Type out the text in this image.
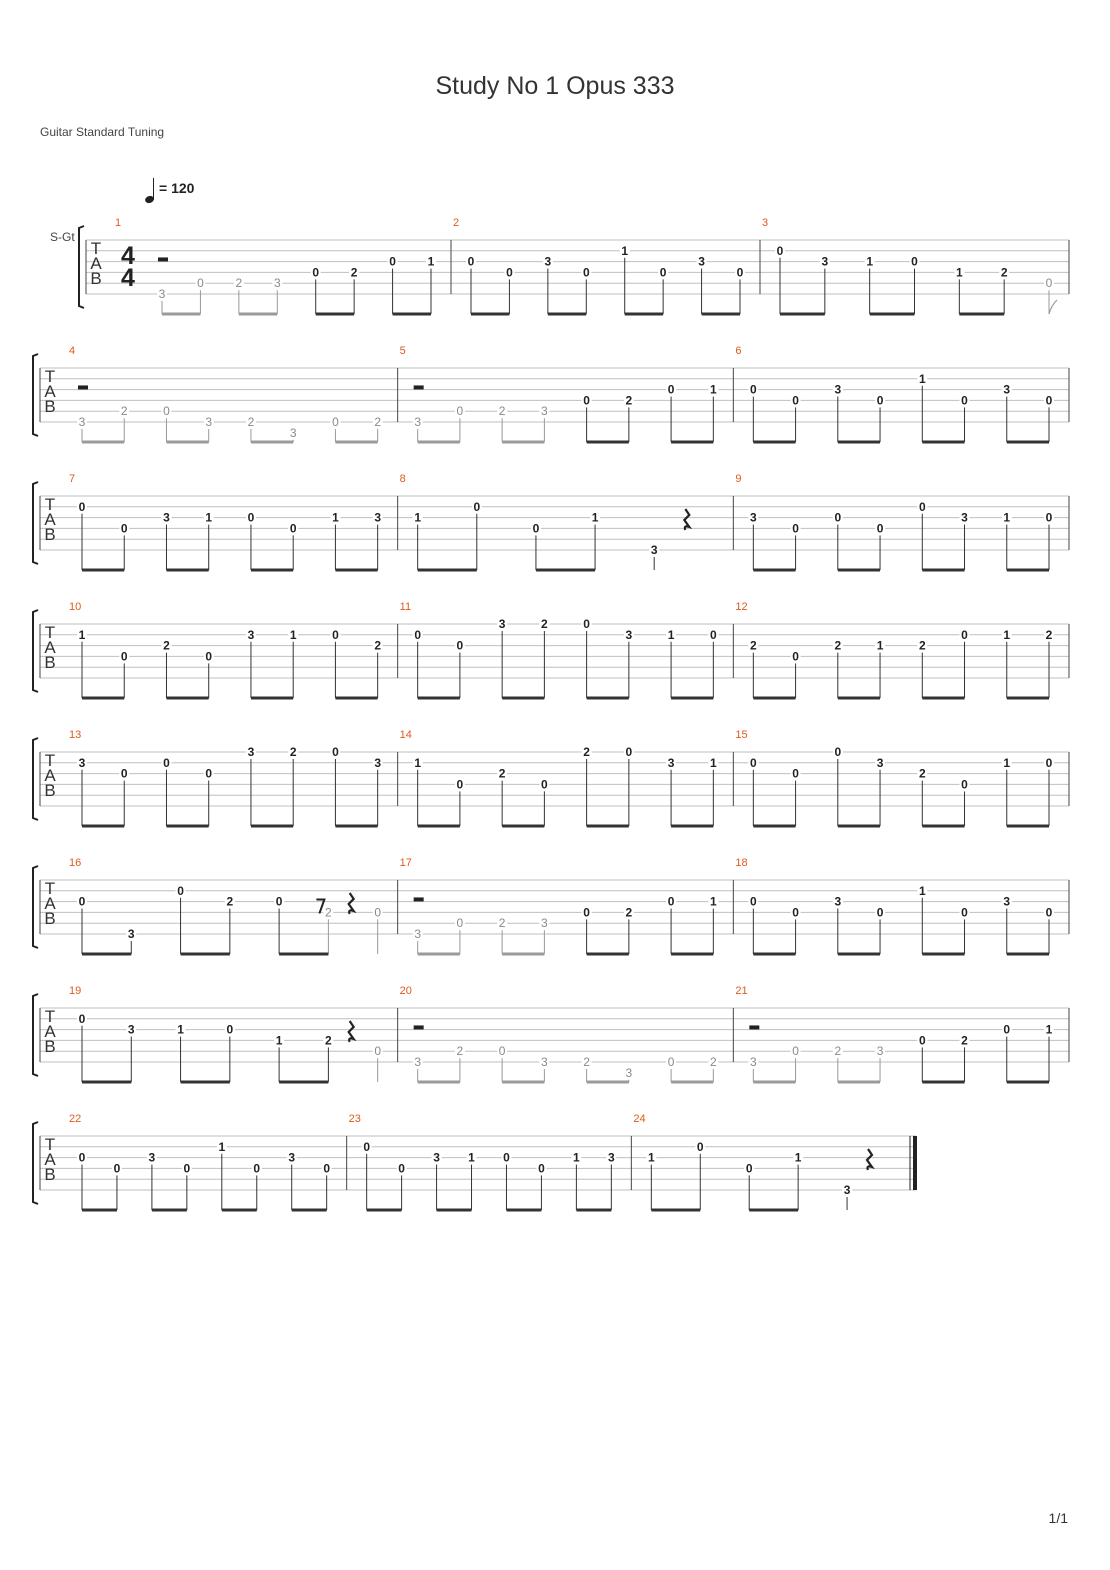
Study No 1 Opus 333
Guitar Standard Tuning
= 120
T
A
B
S-Gt
4
4
1
3
0	2	3
0	2
0	1
2
0
0
3
0
1
0
3
0
3
0
3	1	0
1	2
0
T
A
B
4
3
2	0
3	2
3
0	2
5
3
0	2	3
0	2
0	1
6
0
0
3
0
1
0
3
0
T
A
B
7
0
0
3	1	0
0
1	3
8
1
0
0
1
3
9
3
0
0
0
0
3	1	0
T
A
B
10
1
0
2
0
3	1	0
2
11
0
0
3	2	0
3	1	0
12
2
0
2	1	2
0	1	2
T
A
B
13
3
0
0
0
3	2	0
3
14
1
0
2
0
2	0
3	1
15
0
0
0
3
2
0
1	0
T
A
B
16
0
3
0
2	0
2	0
17
3
0	2	3
0	2
0	1
18
0
0
3
0
1
0
3
0
T
A
B
19
0
3	1	0
1	2
0
20
3
2	0
3	2
3
0	2
21
3
0	2	3
0	2
0	1
T
A
B
22
0
0
3
0
1
0
3
0
23
0
0
3 1 0
0
1 3
24
1
0
0
1
3
1/1
